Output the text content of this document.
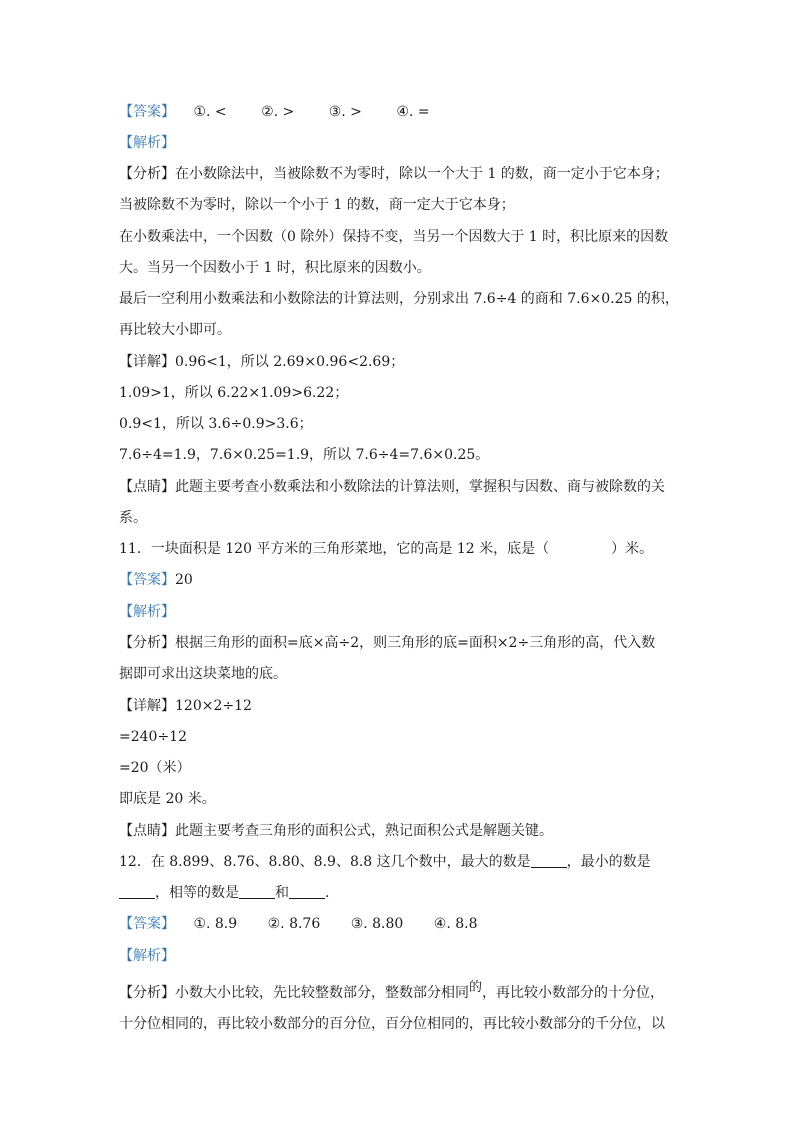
【答案】 ①. < ②. > ③. > ④. =
【解析】
【分析】在小数除法中，当被除数不为零时，除以一个大于 1 的数，商一定小于它本身；
当被除数不为零时，除以一个小于 1 的数，商一定大于它本身；
在小数乘法中，一个因数（0 除外）保持不变，当另一个因数大于 1 时，积比原来的因数
大。当另一个因数小于 1 时，积比原来的因数小。
最后一空利用小数乘法和小数除法的计算法则，分别求出 7.6÷4 的商和 7.6×0.25 的积，
再比较大小即可。
【详解】0.96<1，所以 2.69×0.96<2.69；
1.09>1，所以 6.22×1.09>6.22；
0.9<1，所以 3.6÷0.9>3.6；
7.6÷4=1.9，7.6×0.25=1.9，所以 7.6÷4=7.6×0.25。
【点睛】此题主要考查小数乘法和小数除法的计算法则，掌握积与因数、商与被除数的关
系。
11．一块面积是 120 平方米的三角形菜地，它的高是 12 米，底是（	）米。
【答案】20
【解析】
【分析】根据三角形的面积=底×高÷2，则三角形的底=面积×2÷三角形的高，代入数
据即可求出这块菜地的底。
【详解】120×2÷12
=240÷12
=20（米）
即底是 20 米。
【点睛】此题主要考查三角形的面积公式，熟记面积公式是解题关键。
12．在 8.899、8.76、8.80、8.9、8.8 这几个数中，最大的数是	，最小的数是
，相等的数是	和	.
【答案】 ①. 8.9 ②. 8.76 ③. 8.80 ④. 8.8
【解析】
【分析】小数大小比较，先比较整数部分，整数部分相同的，再比较小数部分的十分位，
十分位相同的，再比较小数部分的百分位，百分位相同的，再比较小数部分的千分位，以
